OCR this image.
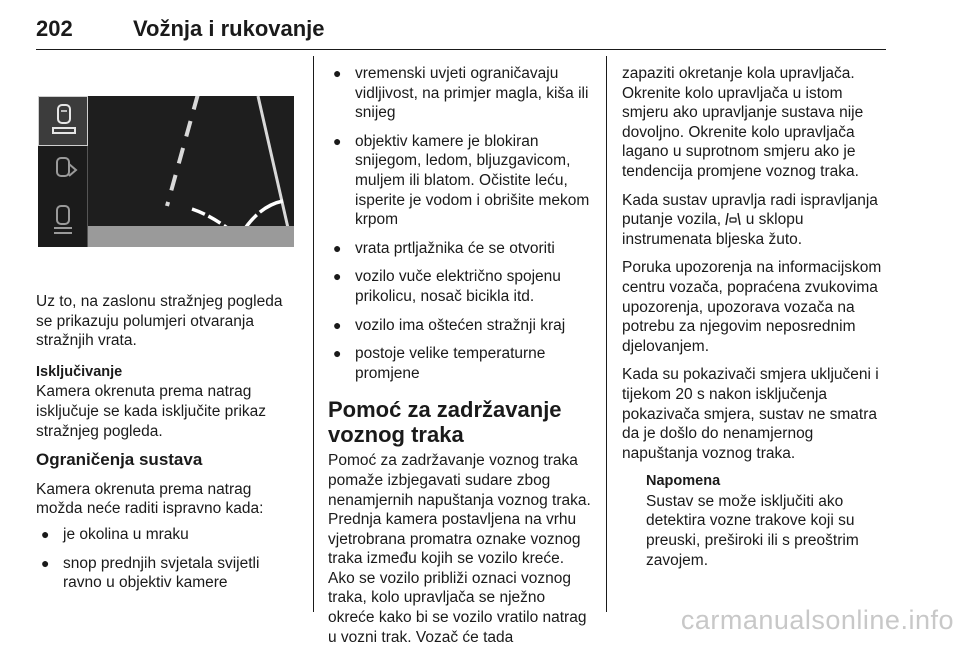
202	Vožnja i rukovanje

Uz to, na zaslonu stražnjeg pogleda se prikazuju polumjeri otvaranja stražnjih vrata.

Isključivanje

Kamera okrenuta prema natrag isključuje se kada isključite prikaz stražnjeg pogleda.

Ograničenja sustava

Kamera okrenuta prema natrag možda neće raditi ispravno kada:

● je okolina u mraku
● snop prednjih svjetala svijetli ravno u objektiv kamere
● vremenski uvjeti ograničavaju vidljivost, na primjer magla, kiša ili snijeg
● objektiv kamere je blokiran snijegom, ledom, bljuzgavicom, muljem ili blatom. Očistite leću, isperite je vodom i obrišite mekom krpom
● vrata prtljažnika će se otvoriti
● vozilo vuče električno spojenu prikolicu, nosač bicikla itd.
● vozilo ima oštećen stražnji kraj
● postoje velike temperaturne promjene
Pomoć za zadržavanje voznog traka

Pomoć za zadržavanje voznog traka pomaže izbjegavati sudare zbog nenamjernih napuštanja voznog traka. Prednja kamera postavljena na vrhu vjetrobrana promatra oznake voznog traka između kojih se vozilo kreće. Ako se vozilo približi oznaci voznog traka, kolo upravljača se nježno okreće kako bi se vozilo vratilo natrag u vozni trak. Vozač će tada

zapaziti okretanje kola upravljača. Okrenite kolo upravljača u istom smjeru ako upravljanje sustava nije dovoljno. Okrenite kolo upravljača lagano u suprotnom smjeru ako je tendencija promjene voznog traka.

Kada sustav upravlja radi ispravljanja putanje vozila, u sklopu instrumenata bljeska žuto.

Poruka upozorenja na informacijskom centru vozača, popraćena zvukovima upozorenja, upozorava vozača na potrebu za njegovim neposrednim djelovanjem.

Kada su pokazivači smjera uključeni i tijekom 20 s nakon isključenja pokazivača smjera, sustav ne smatra da je došlo do nenamjernog napuštanja voznog traka.

Napomena
Sustav se može isključiti ako detektira vozne trakove koji su preuski, preširoki ili s preoštrim zavojem.
carmanualsonline.info
